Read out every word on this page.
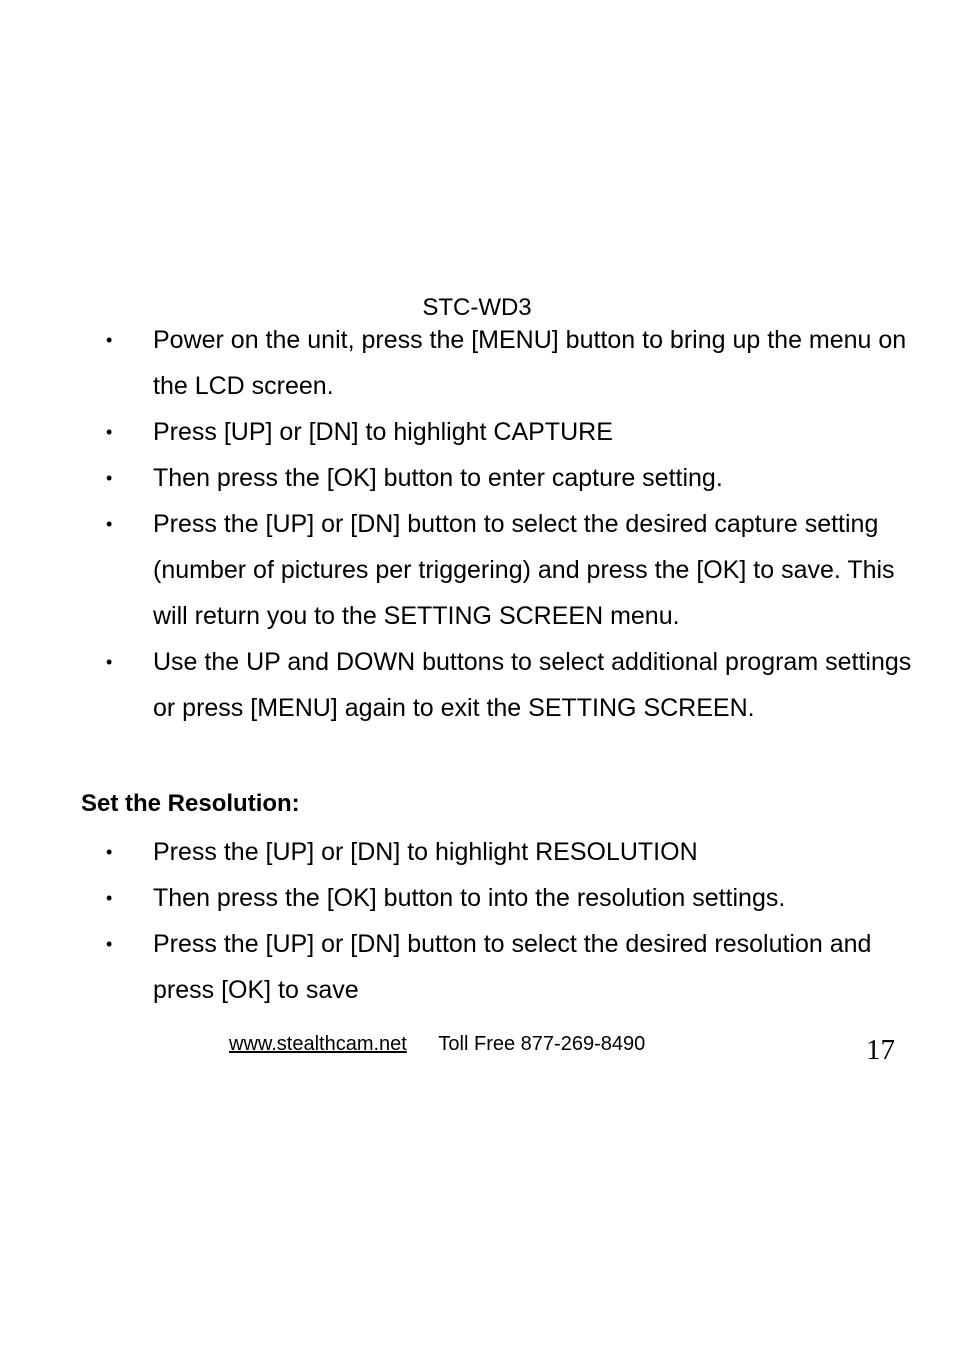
STC-WD3
• Power on the unit, press the [MENU] button to bring up the menu on the LCD screen.
• Press [UP] or [DN] to highlight CAPTURE
• Then press the [OK] button to enter capture setting.
• Press the [UP] or [DN] button to select the desired capture setting (number of pictures per triggering) and press the [OK] to save. This will return you to the SETTING SCREEN menu.
• Use the UP and DOWN buttons to select additional program settings or press [MENU] again to exit the SETTING SCREEN.
Set the Resolution:
• Press the [UP] or [DN] to highlight RESOLUTION
• Then press the [OK] button to into the resolution settings.
• Press the [UP] or [DN] button to select the desired resolution and press [OK] to save
www.stealthcam.net Toll Free 877-269-8490	17
